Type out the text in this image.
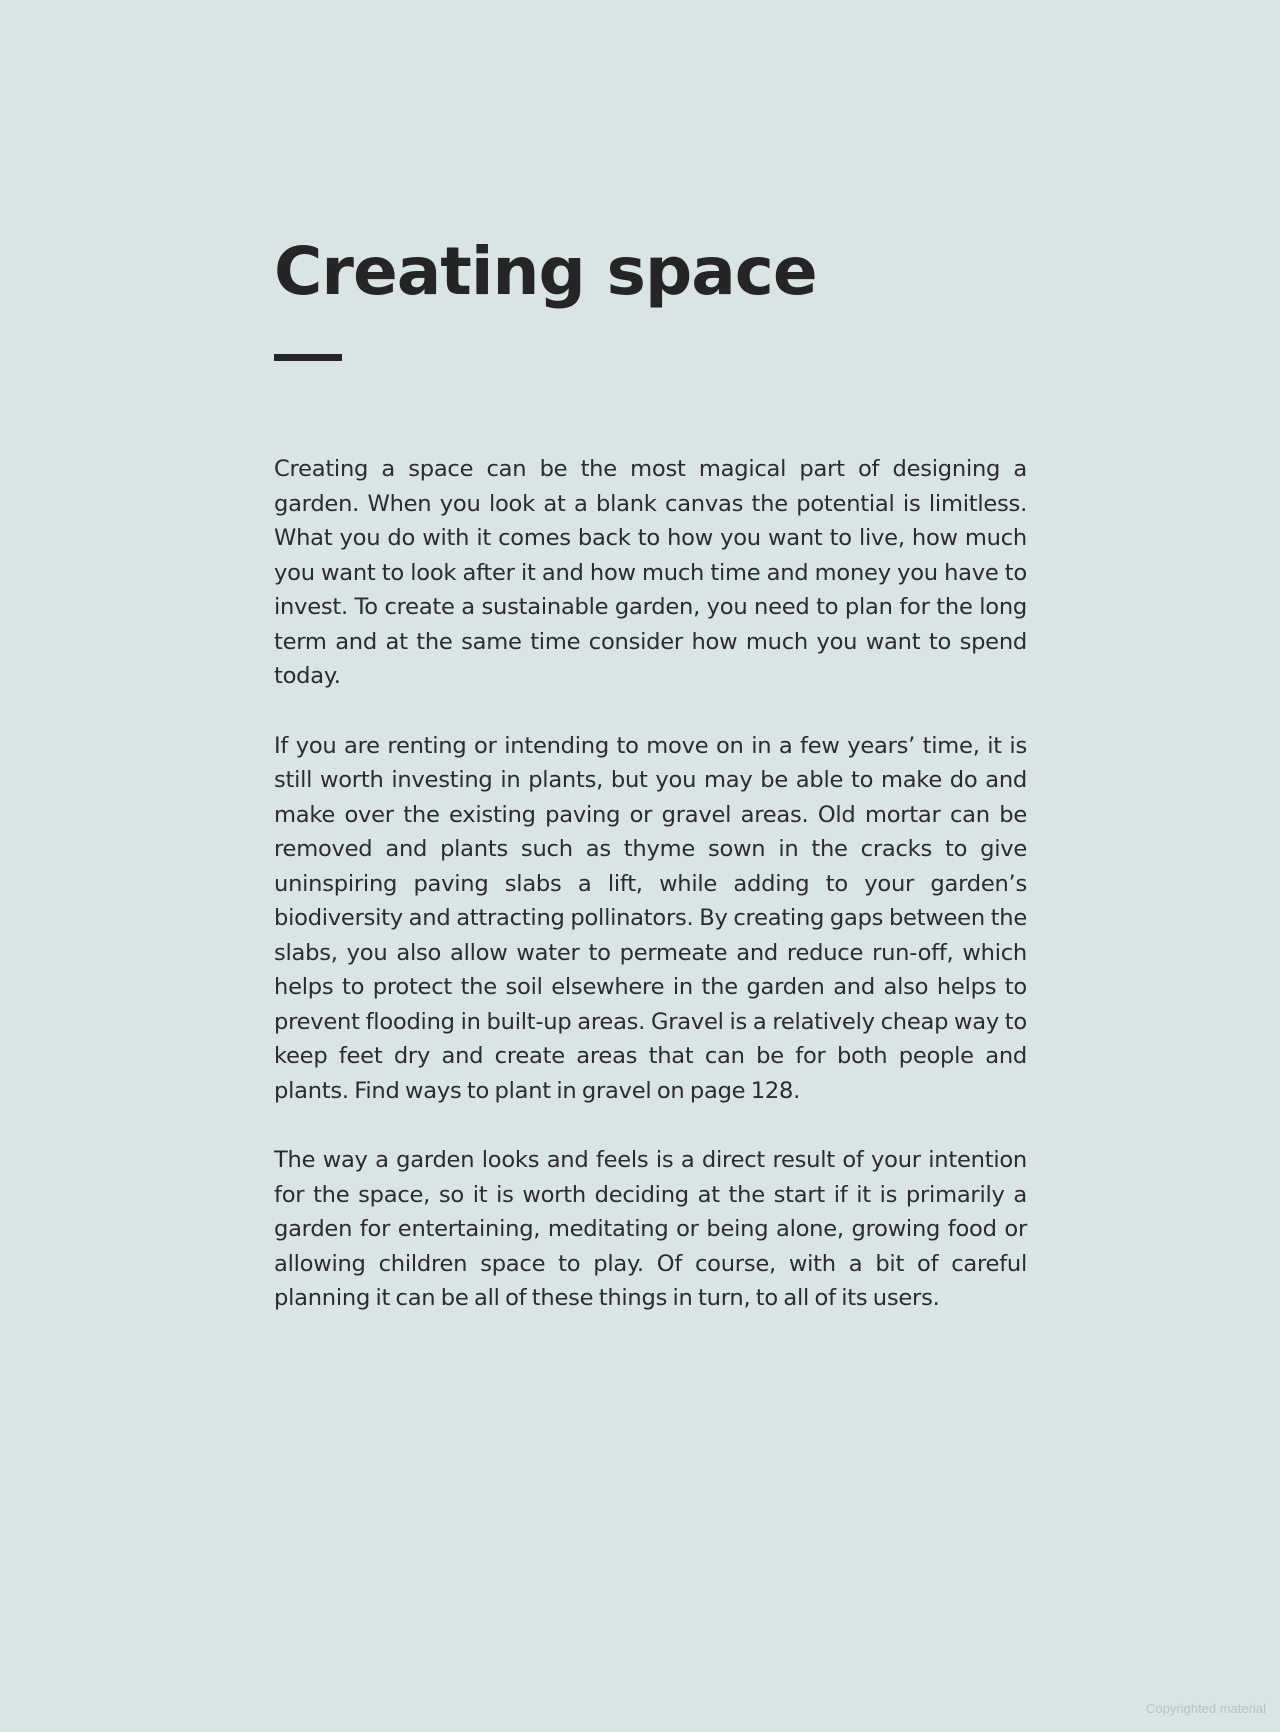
Creating space

Creating a space can be the most magical part of designing a garden. When you look at a blank canvas the potential is limitless. What you do with it comes back to how you want to live, how much you want to look after it and how much time and money you have to invest. To create a sustainable garden, you need to plan for the long term and at the same time consider how much you want to spend today.

If you are renting or intending to move on in a few years’ time, it is still worth investing in plants, but you may be able to make do and make over the existing paving or gravel areas. Old mortar can be removed and plants such as thyme sown in the cracks to give uninspiring paving slabs a lift, while adding to your garden’s biodiversity and attracting pollinators. By creating gaps between the slabs, you also allow water to permeate and reduce run-off, which helps to protect the soil elsewhere in the garden and also helps to prevent flooding in built-up areas. Gravel is a relatively cheap way to keep feet dry and create areas that can be for both people and plants. Find ways to plant in gravel on page 128.

The way a garden looks and feels is a direct result of your intention for the space, so it is worth deciding at the start if it is primarily a garden for entertaining, meditating or being alone, growing food or allowing children space to play. Of course, with a bit of careful planning it can be all of these things in turn, to all of its users.

Copyrighted material
